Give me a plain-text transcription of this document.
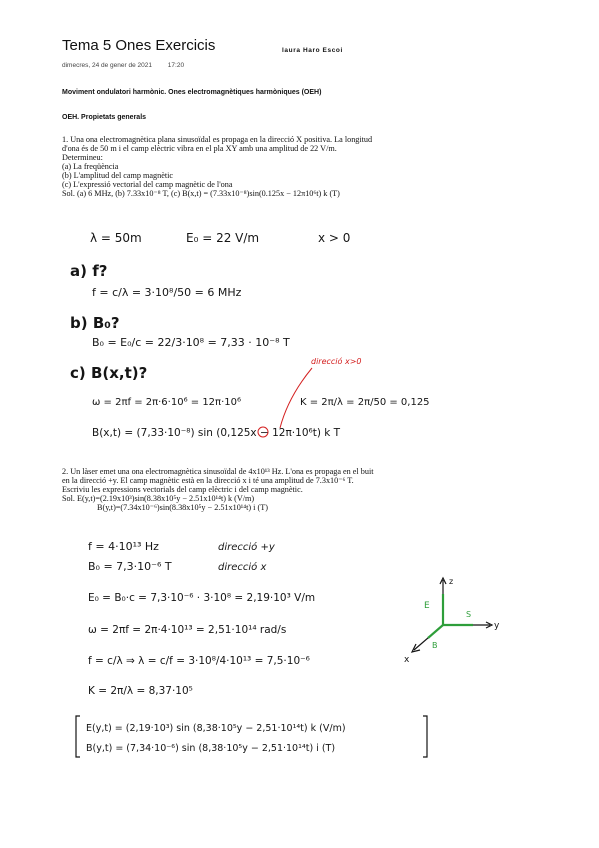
Tema 5 Ones Exercicis	laura Haro Escoi
dimecres, 24 de gener de 2021 17:20
Moviment ondulatori harmònic. Ones electromagnètiques harmòniques (OEH)
OEH. Propietats generals

1. Una ona electromagnètica plana sinusoïdal es propaga en la direcció X positiva. La longitud

d'ona és de 50 m i el camp elèctric vibra en el pla XY amb una amplitud de 22 V/m.

Determineu:

(a) La freqüència

(b) L'amplitud del camp magnètic

(c) L'expressió vectorial del camp magnètic de l'ona

Sol. (a) 6 MHz, (b) 7.33x10⁻⁸ T, (c) B(x,t) = (7.33x10⁻⁸)sin(0.125x − 12π10⁶t) k (T)

2. Un làser emet una ona electromagnètica sinusoïdal de 4x10¹³ Hz. L'ona es propaga en el buit

en la direcció +y. El camp magnètic està en la direcció x i té una amplitud de 7.3x10⁻⁶ T.

Escriviu les expressions vectorials del camp elèctric i del camp magnètic.

Sol. E(y,t)=(2.19x10³)sin(8.38x10⁵y − 2.51x10¹⁴t) k (V/m)

B(y,t)=(7.34x10⁻⁶)sin(8.38x10⁵y − 2.51x10¹⁴t) i (T)

λ = 50m	E₀ = 22 V/m	x > 0
a) f?
f = c/λ = 3·10⁸/50 = 6 MHz
b) B₀?
B₀ = E₀/c = 22/3·10⁸ = 7,33 · 10⁻⁸ T
c) B(x,t)?
direcció x>0
ω = 2πf = 2π·6·10⁶ = 12π·10⁶	K = 2π/λ = 2π/50 = 0,125
B(x,t) = (7,33·10⁻⁸) sin (0,125x − 12π·10⁶t) k T
f = 4·10¹³ Hz	direcció +y
B₀ = 7,3·10⁻⁶ T	direcció x
E₀ = B₀·c = 7,3·10⁻⁶ · 3·10⁸ = 2,19·10³ V/m
ω = 2πf = 2π·4·10¹³ = 2,51·10¹⁴ rad/s
f = c/λ ⇒ λ = c/f = 3·10⁸/4·10¹³ = 7,5·10⁻⁶
K = 2π/λ = 8,37·10⁵
E(y,t) = (2,19·10³) sin (8,38·10⁵y − 2,51·10¹⁴t) k (V/m)
B(y,t) = (7,34·10⁻⁶) sin (8,38·10⁵y − 2,51·10¹⁴t) i (T)
z
y
x
E
S
B
